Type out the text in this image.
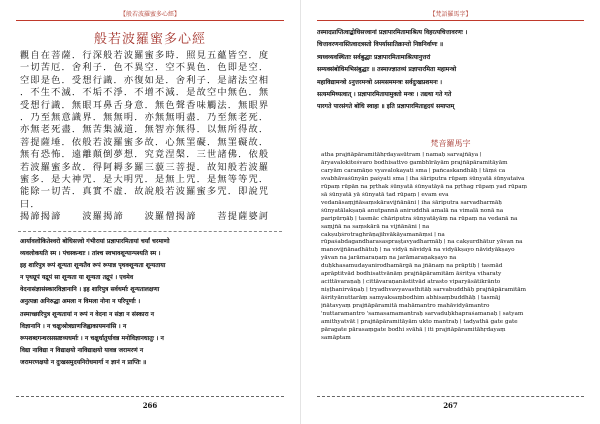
【般若波羅蜜多心經】
般若波羅蜜多心經
觀自在菩薩．行深般若波羅蜜多時．照見五蘊皆空．度
一切苦厄．舍利子．色不異空．空不異色．色即是空．
空即是色．受想行識．亦復如是．舍利子．是諸法空相
．不生不滅．不垢不淨．不增不減．是故空中無色．無
受想行識．無眼耳鼻舌身意．無色聲香味觸法．無眼界
．乃至無意識界．無無明．亦無無明盡．乃至無老死．
亦無老死盡．無苦集滅道．無智亦無得．以無所得故．
菩提薩埵．依般若波羅蜜多故．心無罣礙．無罣礙故．
無有恐怖．遠離顛倒夢想．究竟涅槃．三世諸佛．依般
若波羅蜜多故．得阿耨多羅三藐三菩提．故知般若波羅
蜜多．是大神咒．是大明咒．是無上咒．是無等等咒．
能除一切苦．真實不虛．故說般若波羅蜜多咒．即說咒
曰．
揭諦揭諦　　波羅揭諦　　波羅僧揭諦　　菩提薩婆訶
आर्यावलोकितेश्वरो बोधिसत्त्वो गंभीरायां प्रज्ञापारमितायां चर्यां चरमाणो
व्यवलोकयति स्म । पंचस्कन्धाः । तांश्च स्वभावशून्यान्पश्यति स्म ।
इह शारिपुत्र रूपं शून्यता शून्यतैव रूपं रूपान्न पृथक्शून्यता शून्यताया
न पृथग्रूपं यद्रूपं सा शून्यता या शून्यता तद्रूपं । एवमेव
वेदनासंज्ञासंस्कारविज्ञानानि । इह शारिपुत्र सर्वधर्माः शून्यतालक्षणा
अनुत्पन्ना अनिरुद्धा अमला न विमला नोना न परिपूर्णाः ।
तस्माच्छारिपुत्र शून्यतायां न रूपं न वेदना न संज्ञा न संस्कारा न
विज्ञानानि । न चक्षुःश्रोत्रघ्राणजिह्वाकायमनांसि । न
रूपशब्दगन्धरसस्प्रष्टव्यधर्माः । न चक्षुर्धातुर्यावन्न मनोविज्ञानधातुः । न
विद्या नाविद्या न विद्याक्षयो नाविद्याक्षयो यावन्न जरामरणं न
जरामरणक्षयो न दुःखसमुदयनिरोधमार्गा न ज्ञानं न प्राप्तिः ॥
266
【梵語羅馬字】
तस्मादप्राप्तित्वाद्बोधिसत्त्वानां प्रज्ञापारमितामाश्रित्य विहरत्यचित्तावरणः ।
चित्तावरणनास्तित्वादत्रस्तो विपर्यासातिक्रान्तो निष्ठनिर्वाणः ॥
त्र्यध्वव्यवस्थिताः सर्वबुद्धाः प्रज्ञापारमितामाश्रित्यानुत्तरां
सम्यक्संबोधिमभिसंबुद्धाः ॥ तस्माज्ज्ञातव्यं प्रज्ञापारमिता महामन्त्रो
महाविद्यामन्त्रो ऽनुत्तरमन्त्रो ऽसमसममन्त्रः सर्वदुःखप्रशमनः ।
सत्यममिथ्यत्वात् । प्रज्ञापारमितायामुक्तो मन्त्रः । तद्यथा गते गते
पारगते पारसंगते बोधि स्वाहा ॥ इति प्रज्ञापारमिताहृदयं समाप्तम्
梵音羅馬字
atha prajñāpāramitāhṛdayasūtram ∣ namaḥ sarvajñāya ∣
āryavalokiteśvaro bodhisattvo gambhīrāyām prajñāpāramitāyām
caryām caramāṇo vyavalokayati sma ∣ pañcaskandhāḥ ∣ tāṃś ca
svabhāvaśūnyān paśyati sma ∣ iha śāriputra rūpaṃ śūnyatā śūnyataiva
rūpaṃ rūpān na pṛthak śūnyatā śūnyatāyā na pṛthag rūpaṃ yad rūpaṃ
sā śūnyatā yā śūnyatā tad rūpaṃ ∣ evam eva
vedanāsaṃjñāsaṃskāravijñānāni ∣ iha śāriputra sarvadharmāḥ
śūnyatālakṣaṇā anutpannā aniruddhā amalā na vimalā nonā na
paripūrṇāḥ ∣ tasmāc chāriputra śūnyatāyāṃ na rūpaṃ na vedanā na
saṃjñā na saṃskārā na vijñānāni ∣ na
cakṣuḥśrotraghrāṇajihvākāyamanāṃsi ∣ na
rūpaśabdagandharasaspraṣṭavyadharmāḥ ∣ na cakṣurdhātur yāvan na
manovijñānadhātuḥ ∣ na vidyā nāvidyā na vidyākṣayo nāvidyākṣayo
yāvan na jarāmaraṇaṃ na jarāmaraṇakṣayo na
duḥkhasamudayanirodhamārgā na jñānaṃ na prāptiḥ ∣ tasmād
aprāptitvād bodhisattvānāṃ prajñāpāramitām āśritya viharaty
acittāvaraṇaḥ ∣ cittāvaraṇanāstitvād atrasto viparyāsātikrānto
niṣṭhanirvāṇaḥ ∣ tryadhvavyavasthitāḥ sarvabuddhāḥ prajñāpāramitām
āśrityānuttarāṃ samyaksaṃbodhim abhisaṃbuddhāḥ ∣ tasmāj
jñātavyaṃ prajñāpāramitā mahāmantro mahāvidyāmantro
'nuttaramantro 'samasamamantraḥ sarvaduḥkhapraśamanaḥ ∣ satyam
amithyatvāt ∣ prajñāpāramitāyām ukto mantraḥ ∣ tadyathā gate gate
pāragate pārasaṃgate bodhi svāhā ∣ iti prajñāpāramitāhṛdayaṃ
samāptam
267
